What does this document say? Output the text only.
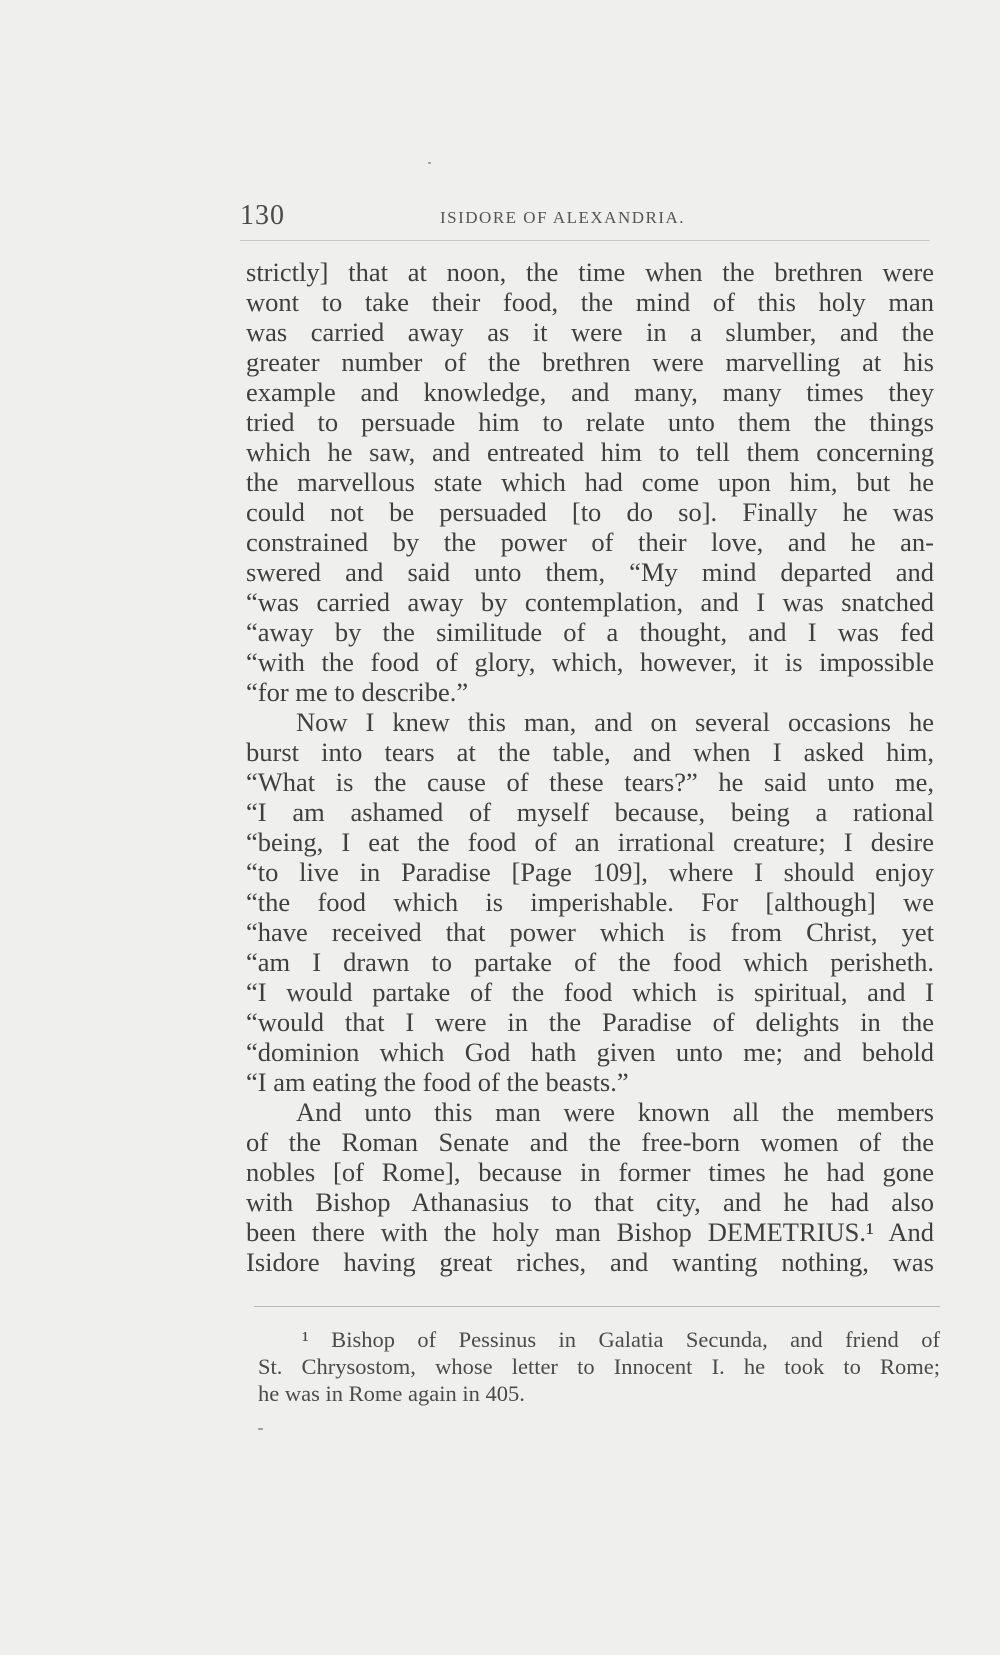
130	ISIDORE OF ALEXANDRIA.
strictly] that at noon, the time when the brethren were
wont to take their food, the mind of this holy man
was carried away as it were in a slumber, and the
greater number of the brethren were marvelling at his
example and knowledge, and many, many times they
tried to persuade him to relate unto them the things
which he saw, and entreated him to tell them concerning
the marvellous state which had come upon him, but he
could not be persuaded [to do so]. Finally he was
constrained by the power of their love, and he an-
swered and said unto them, “My mind departed and
“was carried away by contemplation, and I was snatched
“away by the similitude of a thought, and I was fed
“with the food of glory, which, however, it is impossible
“for me to describe.”
Now I knew this man, and on several occasions he
burst into tears at the table, and when I asked him,
“What is the cause of these tears?” he said unto me,
“I am ashamed of myself because, being a rational
“being, I eat the food of an irrational creature; I desire
“to live in Paradise [Page 109], where I should enjoy
“the food which is imperishable. For [although] we
“have received that power which is from Christ, yet
“am I drawn to partake of the food which perisheth.
“I would partake of the food which is spiritual, and I
“would that I were in the Paradise of delights in the
“dominion which God hath given unto me; and behold
“I am eating the food of the beasts.”
And unto this man were known all the members
of the Roman Senate and the free-born women of the
nobles [of Rome], because in former times he had gone
with Bishop Athanasius to that city, and he had also
been there with the holy man Bishop DEMETRIUS.¹ And
Isidore having great riches, and wanting nothing, was
¹ Bishop of Pessinus in Galatia Secunda, and friend of
St. Chrysostom, whose letter to Innocent I. he took to Rome;
he was in Rome again in 405.
